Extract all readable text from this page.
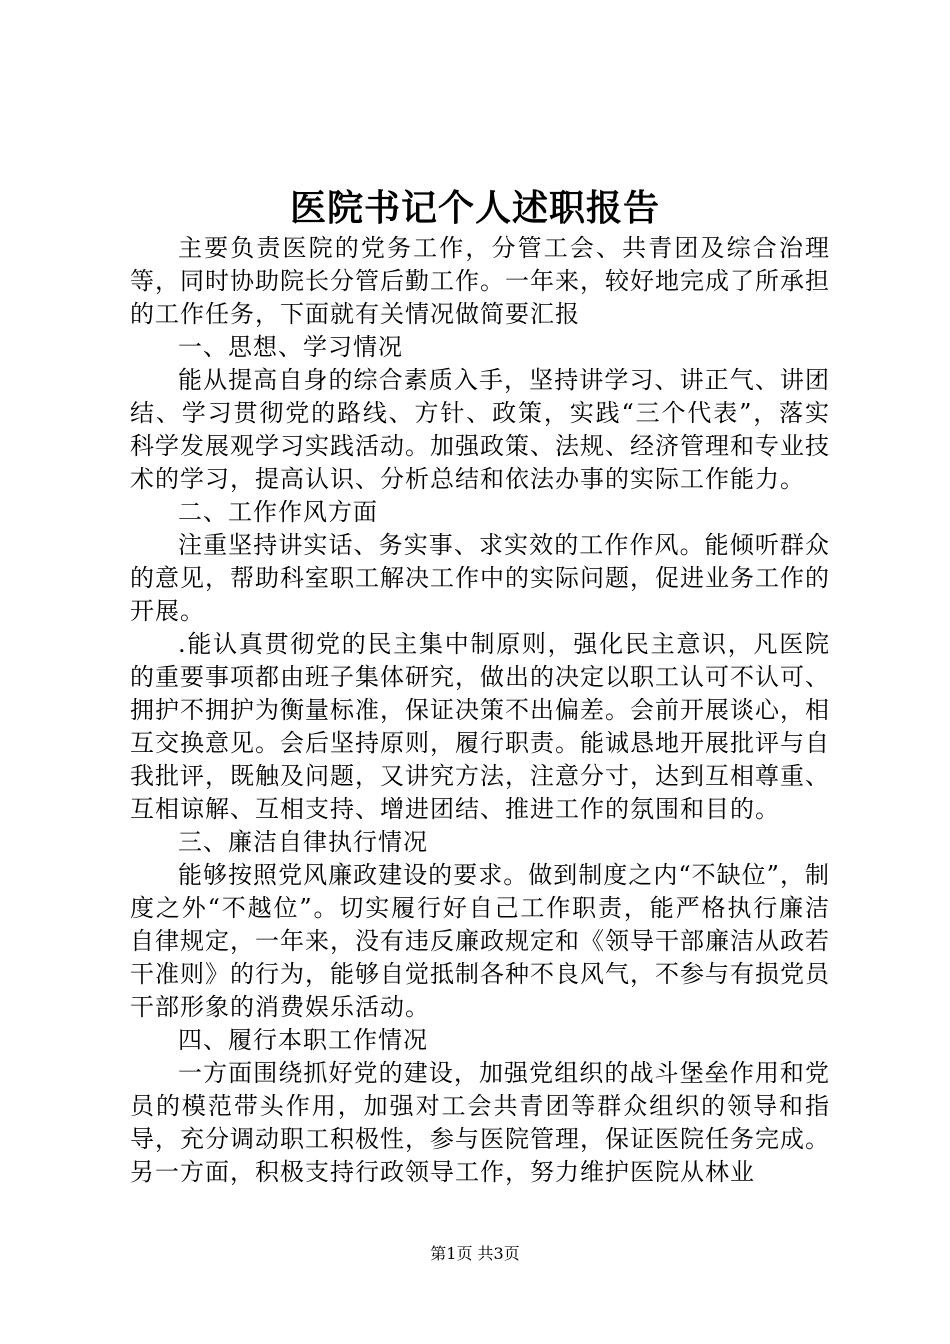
医院书记个人述职报告

主要负责医院的党务工作，分管工会、共青团及综合治理等，同时协助院长分管后勤工作。一年来，较好地完成了所承担的工作任务，下面就有关情况做简要汇报

一、思想、学习情况

能从提高自身的综合素质入手，坚持讲学习、讲正气、讲团结、学习贯彻党的路线、方针、政策，实践“三个代表”，落实科学发展观学习实践活动。加强政策、法规、经济管理和专业技术的学习，提高认识、分析总结和依法办事的实际工作能力。

二、工作作风方面

注重坚持讲实话、务实事、求实效的工作作风。能倾听群众的意见，帮助科室职工解决工作中的实际问题，促进业务工作的开展。

.能认真贯彻党的民主集中制原则，强化民主意识，凡医院的重要事项都由班子集体研究，做出的决定以职工认可不认可、拥护不拥护为衡量标准，保证决策不出偏差。会前开展谈心，相互交换意见。会后坚持原则，履行职责。能诚恳地开展批评与自我批评，既触及问题，又讲究方法，注意分寸，达到互相尊重、互相谅解、互相支持、增进团结、推进工作的氛围和目的。

三、廉洁自律执行情况

能够按照党风廉政建设的要求。做到制度之内“不缺位”，制度之外“不越位”。切实履行好自己工作职责，能严格执行廉洁自律规定，一年来，没有违反廉政规定和《领导干部廉洁从政若干准则》的行为，能够自觉抵制各种不良风气，不参与有损党员干部形象的消费娱乐活动。

四、履行本职工作情况

一方面围绕抓好党的建设，加强党组织的战斗堡垒作用和党员的模范带头作用，加强对工会共青团等群众组织的领导和指导，充分调动职工积极性，参与医院管理，保证医院任务完成。另一方面，积极支持行政领导工作，努力维护医院从林业

第1页 共3页
